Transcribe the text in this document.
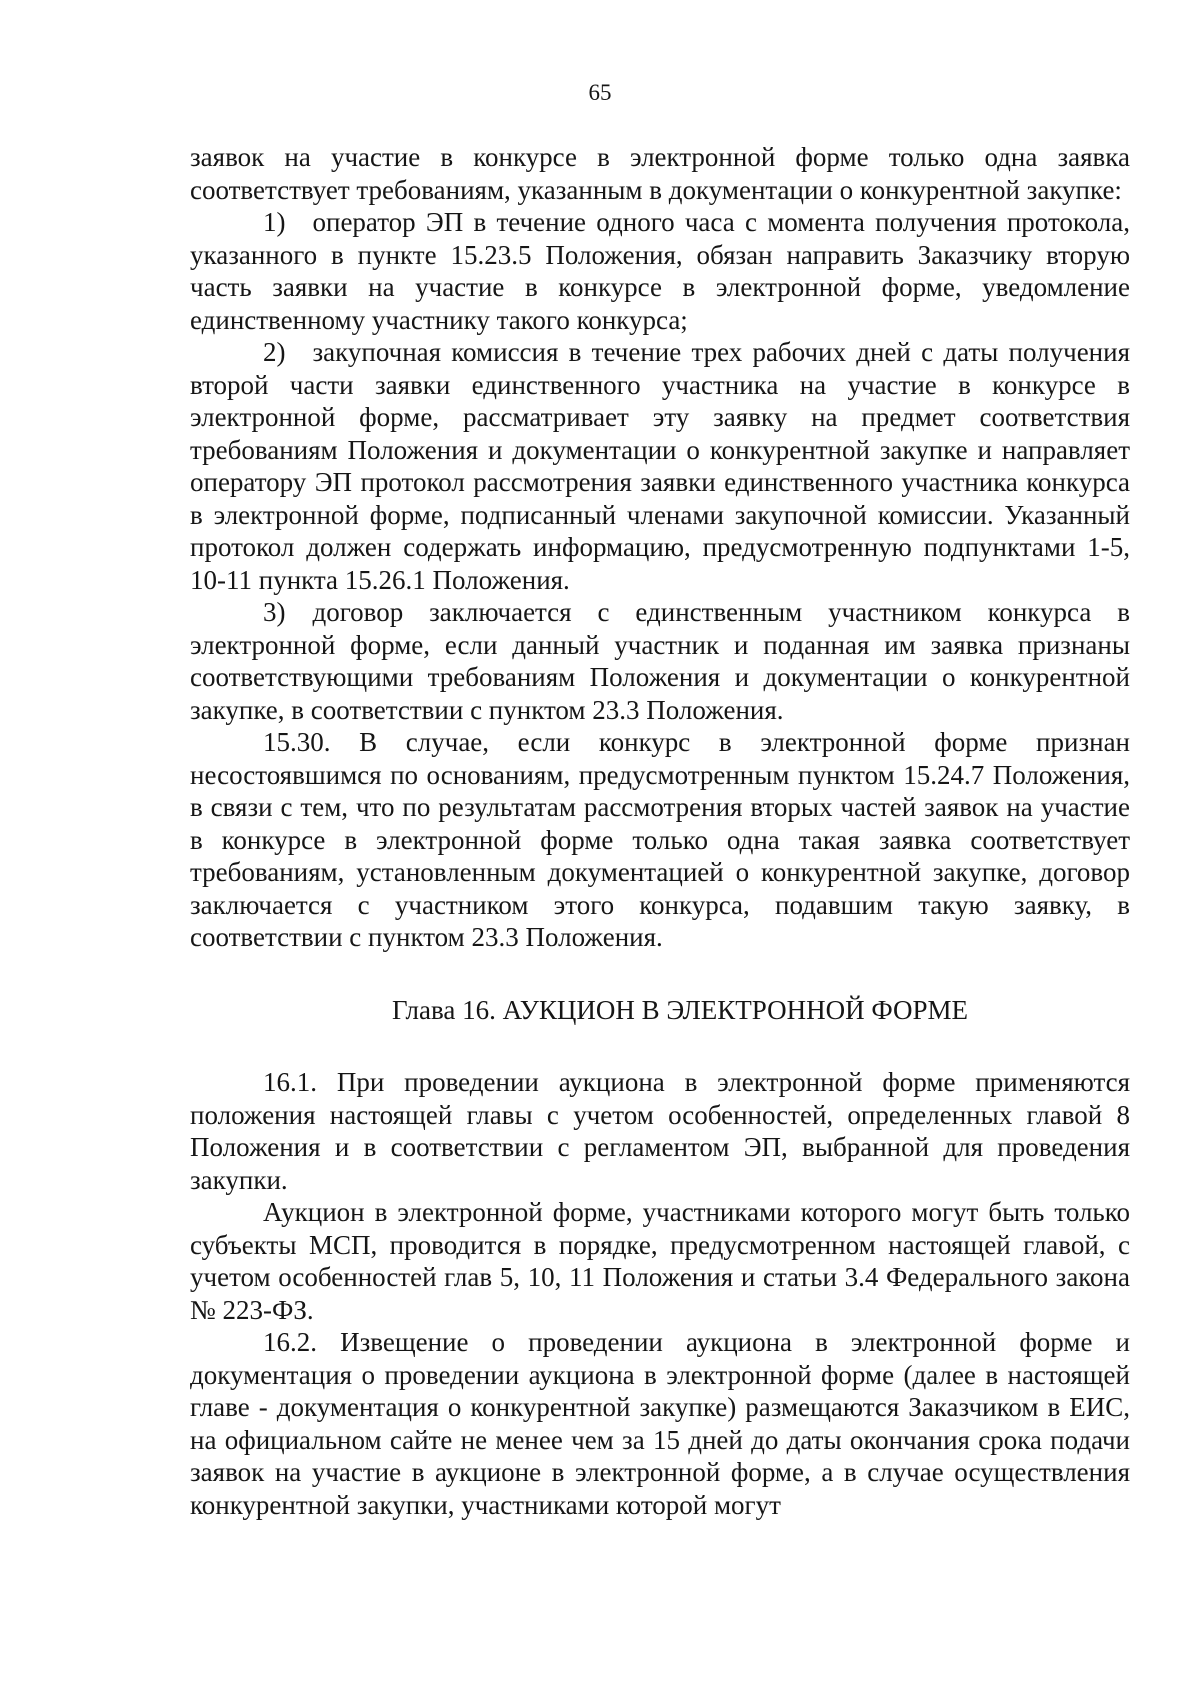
65

заявок на участие в конкурсе в электронной форме только одна заявка соответствует требованиям, указанным в документации о конкурентной закупке:

1) оператор ЭП в течение одного часа с момента получения протокола, указанного в пункте 15.23.5 Положения, обязан направить Заказчику вторую часть заявки на участие в конкурсе в электронной форме, уведомление единственному участнику такого конкурса;

2) закупочная комиссия в течение трех рабочих дней с даты получения второй части заявки единственного участника на участие в конкурсе в электронной форме, рассматривает эту заявку на предмет соответствия требованиям Положения и документации о конкурентной закупке и направляет оператору ЭП протокол рассмотрения заявки единственного участника конкурса в электронной форме, подписанный членами закупочной комиссии. Указанный протокол должен содержать информацию, предусмотренную подпунктами 1-5, 10-11 пункта 15.26.1 Положения.

3) договор заключается с единственным участником конкурса в электронной форме, если данный участник и поданная им заявка признаны соответствующими требованиям Положения и документации о конкурентной закупке, в соответствии с пунктом 23.3 Положения.

15.30. В случае, если конкурс в электронной форме признан несостоявшимся по основаниям, предусмотренным пунктом 15.24.7 Положения, в связи с тем, что по результатам рассмотрения вторых частей заявок на участие в конкурсе в электронной форме только одна такая заявка соответствует требованиям, установленным документацией о конкурентной закупке, договор заключается с участником этого конкурса, подавшим такую заявку, в соответствии с пунктом 23.3 Положения.

Глава 16. АУКЦИОН В ЭЛЕКТРОННОЙ ФОРМЕ

16.1. При проведении аукциона в электронной форме применяются положения настоящей главы с учетом особенностей, определенных главой 8 Положения и в соответствии с регламентом ЭП, выбранной для проведения закупки.

Аукцион в электронной форме, участниками которого могут быть только субъекты МСП, проводится в порядке, предусмотренном настоящей главой, с учетом особенностей глав 5, 10, 11 Положения и статьи 3.4 Федерального закона № 223-ФЗ.

16.2. Извещение о проведении аукциона в электронной форме и документация о проведении аукциона в электронной форме (далее в настоящей главе - документация о конкурентной закупке) размещаются Заказчиком в ЕИС, на официальном сайте не менее чем за 15 дней до даты окончания срока подачи заявок на участие в аукционе в электронной форме, а в случае осуществления конкурентной закупки, участниками которой могут
